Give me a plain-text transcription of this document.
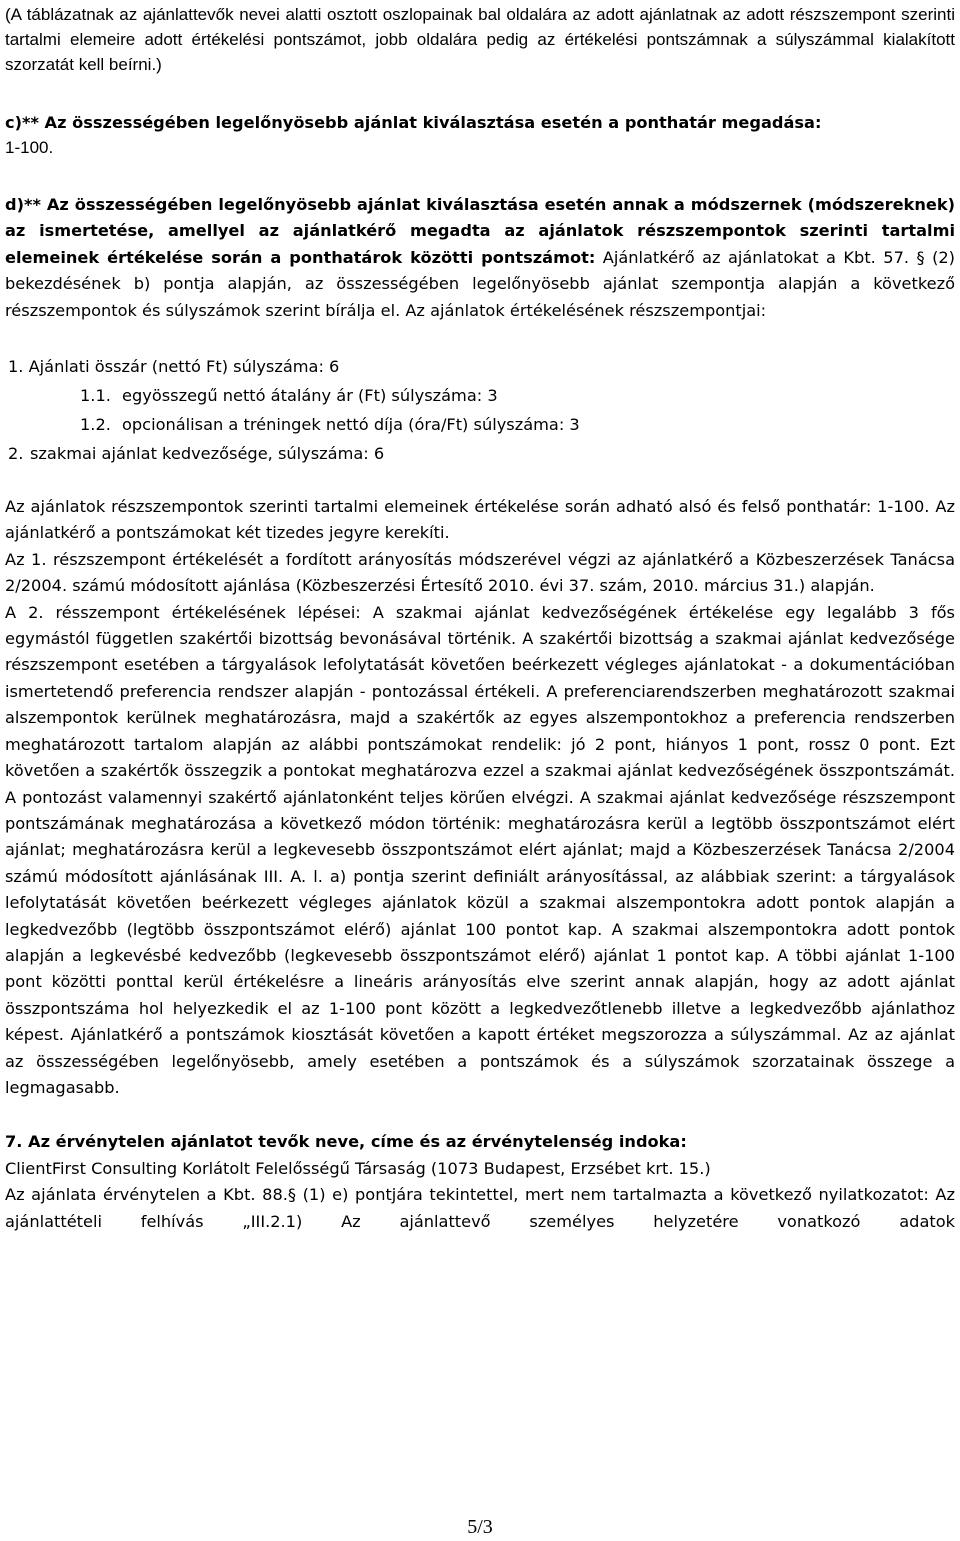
(A táblázatnak az ajánlattevők nevei alatti osztott oszlopainak bal oldalára az adott ajánlatnak az adott részszempont szerinti tartalmi elemeire adott értékelési pontszámot, jobb oldalára pedig az értékelési pontszámnak a súlyszámmal kialakított szorzatát kell beírni.)

c)** Az összességében legelőnyösebb ajánlat kiválasztása esetén a ponthatár megadása:
1-100.

d)** Az összességében legelőnyösebb ajánlat kiválasztása esetén annak a módszernek (módszereknek) az ismertetése, amellyel az ajánlatkérő megadta az ajánlatok részszempontok szerinti tartalmi elemeinek értékelése során a ponthatárok közötti pontszámot: Ajánlatkérő az ajánlatokat a Kbt. 57. § (2) bekezdésének b) pontja alapján, az összességében legelőnyösebb ajánlat szempontja alapján a következő részszempontok és súlyszámok szerint bírálja el. Az ajánlatok értékelésének részszempontjai:

1. Ajánlati összár (nettó Ft) súlyszáma: 6
1.1. egyösszegű nettó átalány ár (Ft) súlyszáma: 3
1.2. opcionálisan a tréningek nettó díja (óra/Ft) súlyszáma: 3
2. szakmai ajánlat kedvezősége, súlyszáma: 6

Az ajánlatok részszempontok szerinti tartalmi elemeinek értékelése során adható alsó és felső ponthatár: 1-100. Az ajánlatkérő a pontszámokat két tizedes jegyre kerekíti.

Az 1. részszempont értékelését a fordított arányosítás módszerével végzi az ajánlatkérő a Közbeszerzések Tanácsa 2/2004. számú módosított ajánlása (Közbeszerzési Értesítő 2010. évi 37. szám, 2010. március 31.) alapján.

A 2. résszempont értékelésének lépései: A szakmai ajánlat kedvezőségének értékelése egy legalább 3 fős egymástól független szakértői bizottság bevonásával történik. A szakértői bizottság a szakmai ajánlat kedvezősége részszempont esetében a tárgyalások lefolytatását követően beérkezett végleges ajánlatokat - a dokumentációban ismertetendő preferencia rendszer alapján - pontozással értékeli. A preferenciarendszerben meghatározott szakmai alszempontok kerülnek meghatározásra, majd a szakértők az egyes alszempontokhoz a preferencia rendszerben meghatározott tartalom alapján az alábbi pontszámokat rendelik: jó 2 pont, hiányos 1 pont, rossz 0 pont. Ezt követően a szakértők összegzik a pontokat meghatározva ezzel a szakmai ajánlat kedvezőségének összpontszámát. A pontozást valamennyi szakértő ajánlatonként teljes körűen elvégzi. A szakmai ajánlat kedvezősége részszempont pontszámának meghatározása a következő módon történik: meghatározásra kerül a legtöbb összpontszámot elért ajánlat; meghatározásra kerül a legkevesebb összpontszámot elért ajánlat; majd a Közbeszerzések Tanácsa 2/2004 számú módosított ajánlásának III. A. l. a) pontja szerint definiált arányosítással, az alábbiak szerint: a tárgyalások lefolytatását követően beérkezett végleges ajánlatok közül a szakmai alszempontokra adott pontok alapján a legkedvezőbb (legtöbb összpontszámot elérő) ajánlat 100 pontot kap. A szakmai alszempontokra adott pontok alapján a legkevésbé kedvezőbb (legkevesebb összpontszámot elérő) ajánlat 1 pontot kap. A többi ajánlat 1-100 pont közötti ponttal kerül értékelésre a lineáris arányosítás elve szerint annak alapján, hogy az adott ajánlat összpontszáma hol helyezkedik el az 1-100 pont között a legkedvezőtlenebb illetve a legkedvezőbb ajánlathoz képest. Ajánlatkérő a pontszámok kiosztását követően a kapott értéket megszorozza a súlyszámmal. Az az ajánlat az összességében legelőnyösebb, amely esetében a pontszámok és a súlyszámok szorzatainak összege a legmagasabb.

7. Az érvénytelen ajánlatot tevők neve, címe és az érvénytelenség indoka:

ClientFirst Consulting Korlátolt Felelősségű Társaság (1073 Budapest, Erzsébet krt. 15.)

Az ajánlata érvénytelen a Kbt. 88.§ (1) e) pontjára tekintettel, mert nem tartalmazta a következő nyilatkozatot: Az ajánlattételi felhívás „III.2.1) Az ajánlattevő személyes helyzetére vonatkozó adatok

5/3
